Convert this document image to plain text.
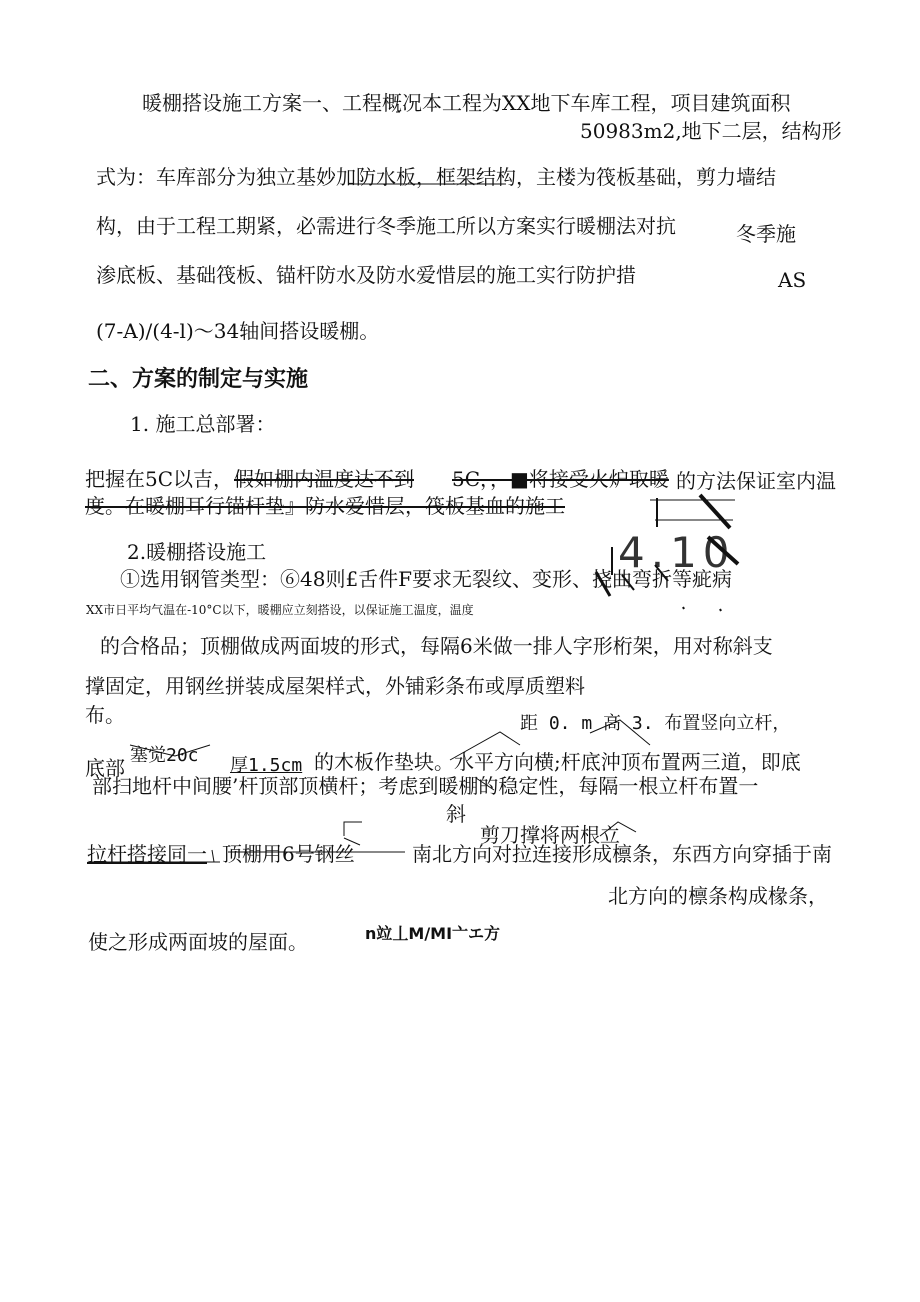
暖棚搭设施工方案一、工程概况本工程为XX地下车库工程，项目建筑面积

50983m2,地下二层，结构形

式为：车库部分为独立基妙加防水板，框架结构，主楼为筏板基础，剪力墙结

构，由于工程工期紧，必需进行冬季施工所以方案实行暖棚法对抗	冬季施

渗底板、基础筏板、锚杆防水及防水爱惜层的施工实行防护措	AS

(7-A)/(4-l)〜34轴间搭设暖棚。

二、方案的制定与实施

1. 施工总部署：

把握在5C以吉， 假如棚内温度达不到 5C，，■将接受火炉取暖 的方法保证室内温

度。在暖棚耳行锚杆垫』防水爱惜层，筏板基血的施工

2.暖棚搭设施工	4.10

①选用钢管类型：⑥48则£舌件F要求无裂纹、变形、挠曲弯折等疵病

XX市日平均气温在-10°C以下，暖棚应立刻搭设，以保证施工温度，温度

的合格品；顶棚做成两面坡的形式，每隔6米做一排人字形桁架，用对称斜支

撑固定，用钢丝拼装成屋架样式，外铺彩条布或厚质塑料

布。	距 0. m 高 3. 布置竖向立杆，

塞觉20c

底部	厚1.5cm 的木板作垫块。水平方向横;杆底沖顶布置两三道，即底

部扫地杆中间腰’杆顶部顶横杆；考虑到暖棚的稳定性，每隔一根立杆布置一

斜

剪刀撑将两根立

拉杆搭接同一 顶棚用6号钢丝	南北方向对拉连接形成檩条，东西方向穿插于南

北方向的檩条构成椽条，

使之形成两面坡的屋面。	n竝丄M/MI亠エ方
